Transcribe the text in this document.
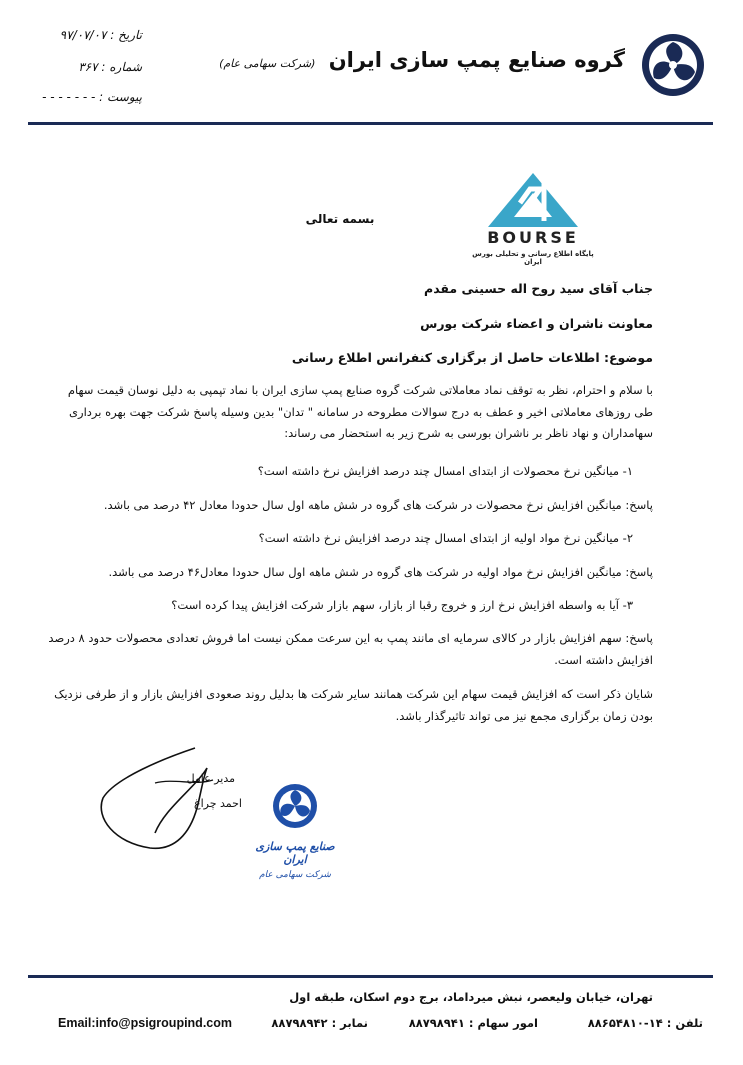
گروه صنایع پمپ سازی ایران (شرکت سهامی عام)
تاریخ : ۹۷/۰۷/۰۷
شماره : ۳۶۷
پیوست : - - - - - - -
BOURSE
پایگاه اطلاع رسانی و تحلیلی بورس ایران
بسمه تعالی
جناب آقای سید روح اله حسینی مقدم
معاونت ناشران و اعضاء شرکت بورس
موضوع: اطلاعات حاصل از برگزاری کنفرانس اطلاع رسانی
با سلام و احترام، نظر به توقف نماد معاملاتی شرکت گروه صنایع پمپ سازی ایران با نماد تپمپی به دلیل نوسان قیمت سهام طی روزهای معاملاتی اخیر و عطف به درج سوالات مطروحه در سامانه " تدان" بدین وسیله پاسخ شرکت جهت بهره برداری سهامداران و نهاد ناظر بر ناشران بورسی به شرح زیر به استحضار می رساند:
۱- میانگین نرخ محصولات از ابتدای امسال چند درصد افزایش نرخ داشته است؟
پاسخ: میانگین افزایش نرخ محصولات در شرکت های گروه در شش ماهه اول سال حدودا معادل ۴۲ درصد می باشد.
۲- میانگین نرخ مواد اولیه از ابتدای امسال چند درصد افزایش نرخ داشته است؟
پاسخ: میانگین افزایش نرخ مواد اولیه در شرکت های گروه در شش ماهه اول سال حدودا معادل۴۶ درصد می باشد.
۳- آیا به واسطه افزایش نرخ ارز و خروج رقبا از بازار، سهم بازار شرکت افزایش پیدا کرده است؟
پاسخ: سهم افزایش بازار در کالای سرمایه ای مانند پمپ به این سرعت ممکن نیست اما فروش تعدادی محصولات حدود ۸ درصد افزایش داشته است.
شایان ذکر است که افزایش قیمت سهام این شرکت همانند سایر شرکت ها بدلیل روند صعودی افزایش بازار و از طرفی نزدیک بودن زمان برگزاری مجمع نیز می تواند تاثیرگذار باشد.
مدیر عامل
احمد چراغ
صنایع پمپ سازی ایران
شرکت سهامی عام
تهران، خیابان ولیعصر، نبش میرداماد، برج دوم اسکان، طبقه اول
تلفن : ۱۴-۸۸۶۵۴۸۱۰
امور سهام : ۸۸۷۹۸۹۴۱
نمابر : ۸۸۷۹۸۹۴۲
Email:info@psigroupind.com
